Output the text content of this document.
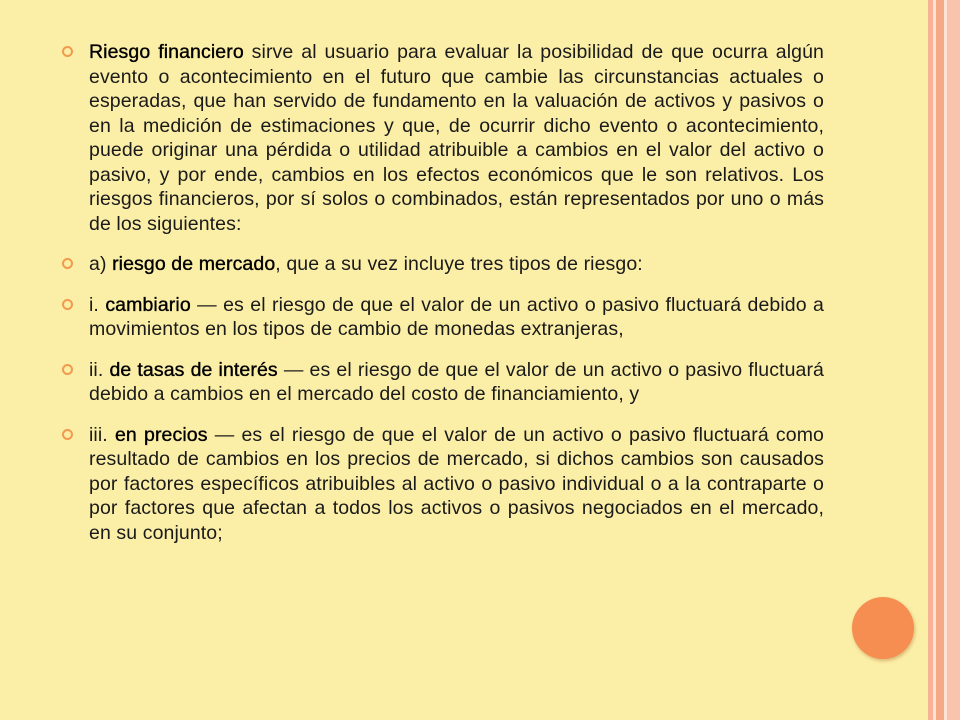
Riesgo financiero sirve al usuario para evaluar la posibilidad de que ocurra algún evento o acontecimiento en el futuro que cambie las circunstancias actuales o esperadas, que han servido de fundamento en la valuación de activos y pasivos o en la medición de estimaciones y que, de ocurrir dicho evento o acontecimiento, puede originar una pérdida o utilidad atribuible a cambios en el valor del activo o pasivo, y por ende, cambios en los efectos económicos que le son relativos. Los riesgos financieros, por sí solos o combinados, están representados por uno o más de los siguientes:

a) riesgo de mercado, que a su vez incluye tres tipos de riesgo:

i. cambiario — es el riesgo de que el valor de un activo o pasivo fluctuará debido a movimientos en los tipos de cambio de monedas extranjeras,

ii. de tasas de interés — es el riesgo de que el valor de un activo o pasivo fluctuará debido a cambios en el mercado del costo de financiamiento, y

iii. en precios — es el riesgo de que el valor de un activo o pasivo fluctuará como resultado de cambios en los precios de mercado, si dichos cambios son causados por factores específicos atribuibles al activo o pasivo individual o a la contraparte o por factores que afectan a todos los activos o pasivos negociados en el mercado, en su conjunto;
